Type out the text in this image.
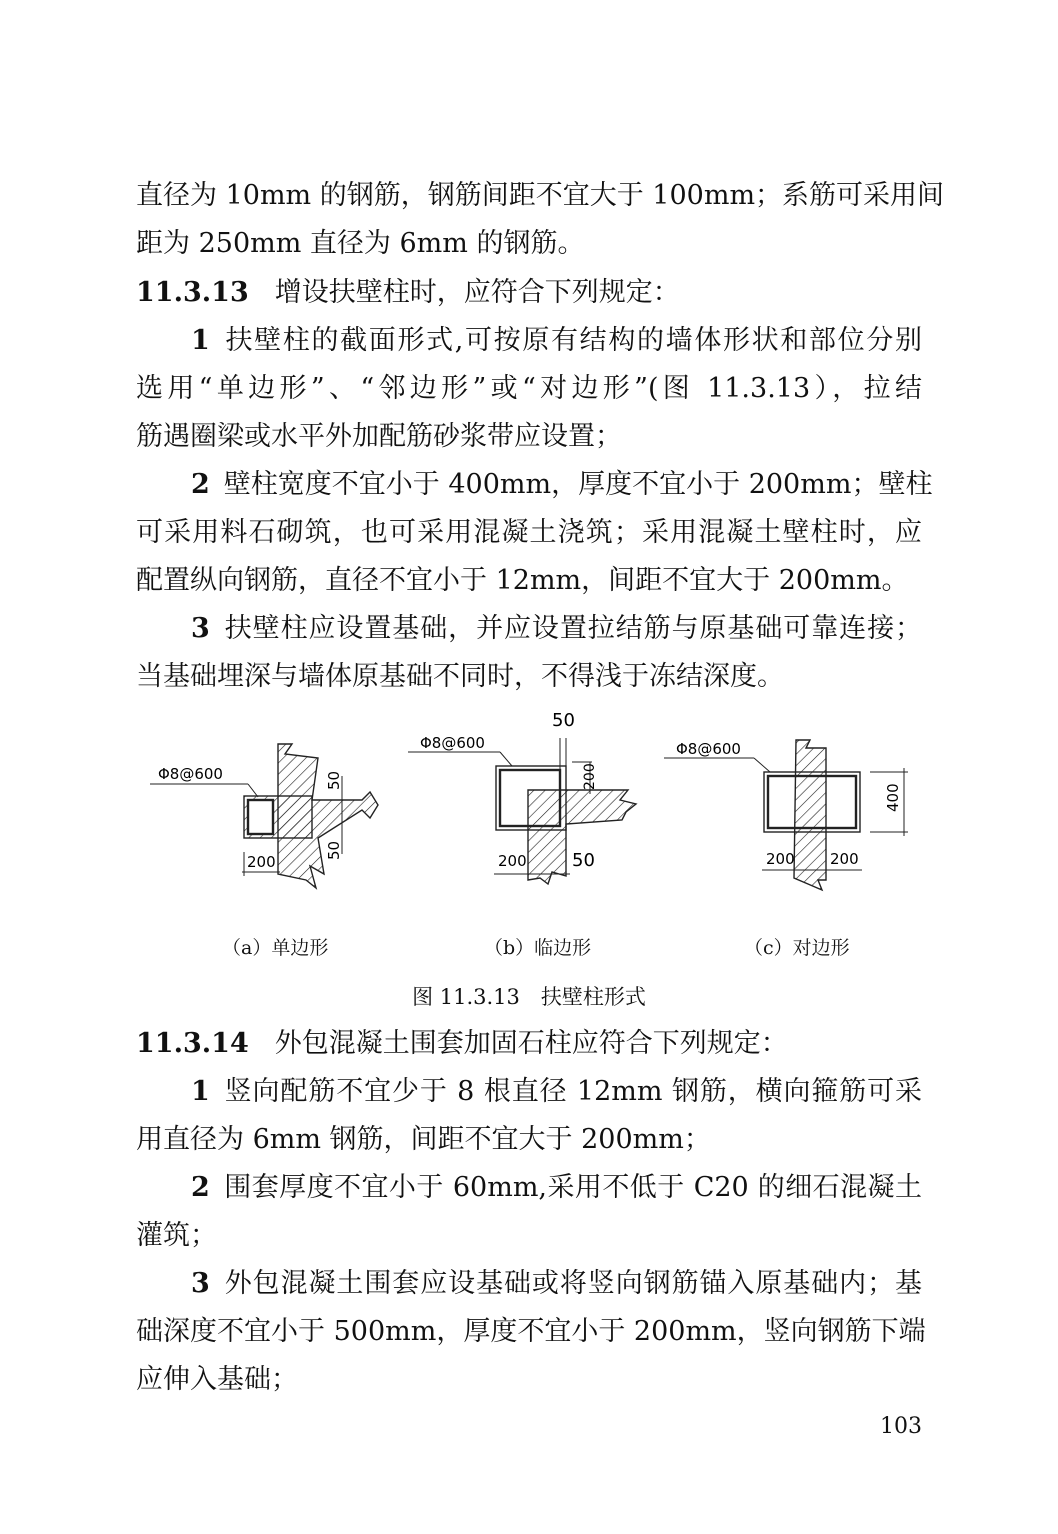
直径为 10mm 的钢筋，钢筋间距不宜大于 100mm；系筋可采用间
距为 250mm 直径为 6mm 的钢筋。
11.3.13 增设扶壁柱时，应符合下列规定：
1 扶壁柱的截面形式,可按原有结构的墙体形状和部位分别
选用“单边形”、“邻边形”或“对边形”(图 11.3.13），拉结
筋遇圈梁或水平外加配筋砂浆带应设置；
2 壁柱宽度不宜小于 400mm，厚度不宜小于 200mm；壁柱
可采用料石砌筑，也可采用混凝土浇筑；采用混凝土壁柱时，应
配置纵向钢筋，直径不宜小于 12mm，间距不宜大于 200mm。
3 扶壁柱应设置基础，并应设置拉结筋与原基础可靠连接；
当基础埋深与墙体原基础不同时，不得浅于冻结深度。
Φ8@600	50
50
200
Φ8@600
50
200
200	50
Φ8@600
400
200 200
（a）单边形	（b）临边形	（c）对边形
图 11.3.13　扶壁柱形式
11.3.14 外包混凝土围套加固石柱应符合下列规定：
1 竖向配筋不宜少于 8 根直径 12mm 钢筋，横向箍筋可采
用直径为 6mm 钢筋，间距不宜大于 200mm；
2 围套厚度不宜小于 60mm,采用不低于 C20 的细石混凝土
灌筑；
3 外包混凝土围套应设基础或将竖向钢筋锚入原基础内；基
础深度不宜小于 500mm，厚度不宜小于 200mm，竖向钢筋下端
应伸入基础；
103
